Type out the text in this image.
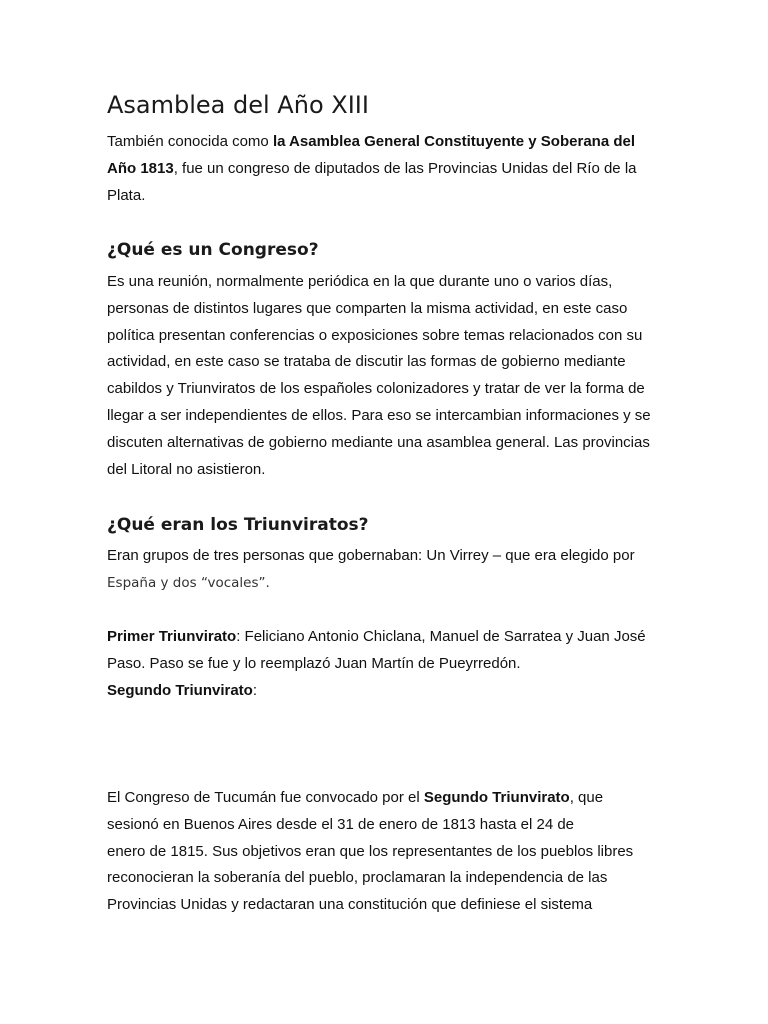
Asamblea del Año XIII

También conocida como la Asamblea General Constituyente y Soberana del
Año 1813, fue un congreso de diputados de las Provincias Unidas del Río de la
Plata.

¿Qué es un Congreso?

Es una reunión, normalmente periódica en la que durante uno o varios días,
personas de distintos lugares que comparten la misma actividad, en este caso
política presentan conferencias o exposiciones sobre temas relacionados con su
actividad, en este caso se trataba de discutir las formas de gobierno mediante
cabildos y Triunviratos de los españoles colonizadores y tratar de ver la forma de
llegar a ser independientes de ellos. Para eso se intercambian informaciones y se
discuten alternativas de gobierno mediante una asamblea general. Las provincias
del Litoral no asistieron.

¿Qué eran los Triunviratos?

Eran grupos de tres personas que gobernaban: Un Virrey – que era elegido por
España y dos “vocales”.

Primer Triunvirato: Feliciano Antonio Chiclana, Manuel de Sarratea y Juan José
Paso. Paso se fue y lo reemplazó Juan Martín de Pueyrredón.
Segundo Triunvirato:

El Congreso de Tucumán fue convocado por el Segundo Triunvirato, que
sesionó en Buenos Aires desde el 31 de enero de 1813 hasta el 24 de
enero de 1815. Sus objetivos eran que los representantes de los pueblos libres
reconocieran la soberanía del pueblo, proclamaran la independencia de las
Provincias Unidas y redactaran una constitución que definiese el sistema
